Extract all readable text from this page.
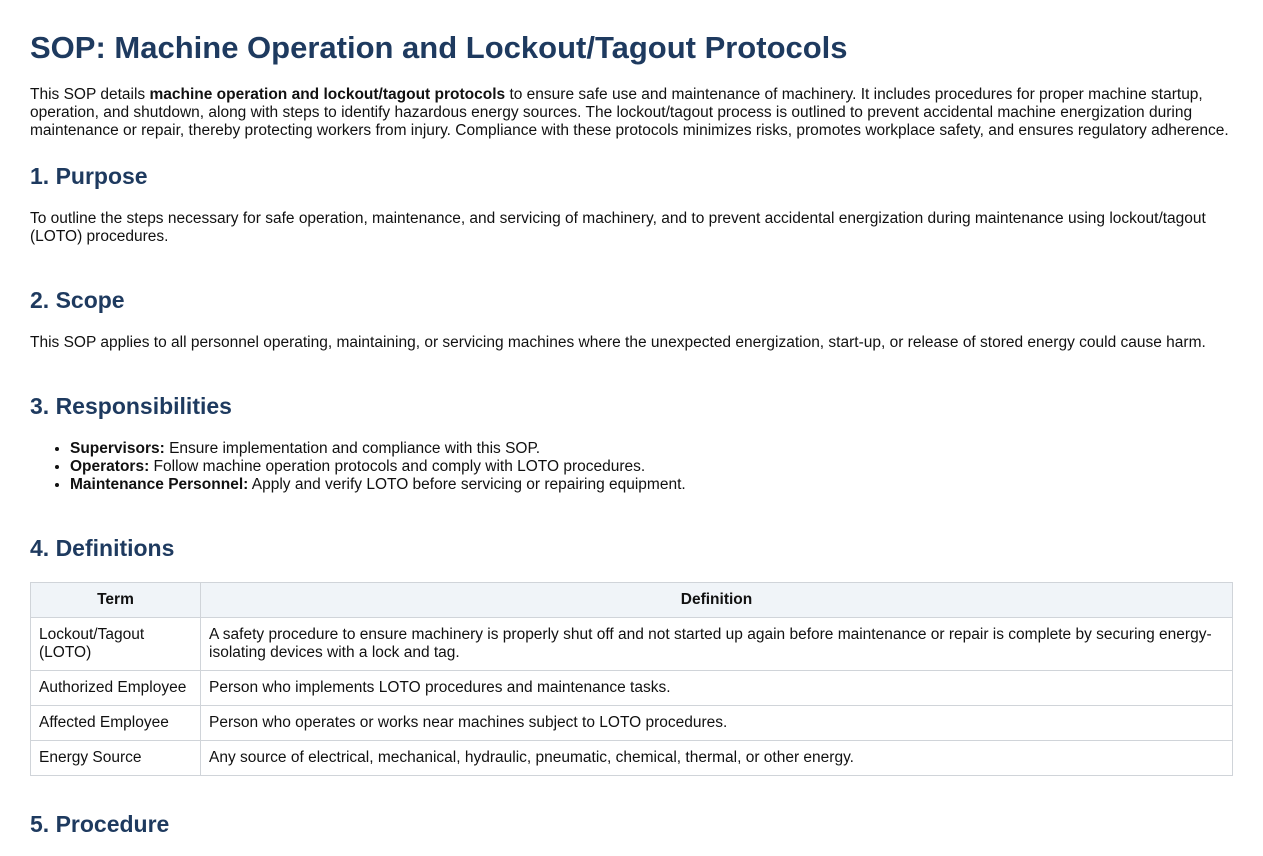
SOP: Machine Operation and Lockout/Tagout Protocols

This SOP details machine operation and lockout/tagout protocols to ensure safe use and maintenance of machinery. It includes procedures for proper machine startup, operation, and shutdown, along with steps to identify hazardous energy sources. The lockout/tagout process is outlined to prevent accidental machine energization during maintenance or repair, thereby protecting workers from injury. Compliance with these protocols minimizes risks, promotes workplace safety, and ensures regulatory adherence.

1. Purpose

To outline the steps necessary for safe operation, maintenance, and servicing of machinery, and to prevent accidental energization during maintenance using lockout/tagout (LOTO) procedures.

2. Scope

This SOP applies to all personnel operating, maintaining, or servicing machines where the unexpected energization, start-up, or release of stored energy could cause harm.

3. Responsibilities
• Supervisors: Ensure implementation and compliance with this SOP.
• Operators: Follow machine operation protocols and comply with LOTO procedures.
• Maintenance Personnel: Apply and verify LOTO before servicing or repairing equipment.
4. Definitions
Term	Definition
Lockout/Tagout (LOTO)	A safety procedure to ensure machinery is properly shut off and not started up again before maintenance or repair is complete by securing energy-isolating devices with a lock and tag.
Authorized Employee	Person who implements LOTO procedures and maintenance tasks.
Affected Employee	Person who operates or works near machines subject to LOTO procedures.
Energy Source	Any source of electrical, mechanical, hydraulic, pneumatic, chemical, thermal, or other energy.
5. Procedure
